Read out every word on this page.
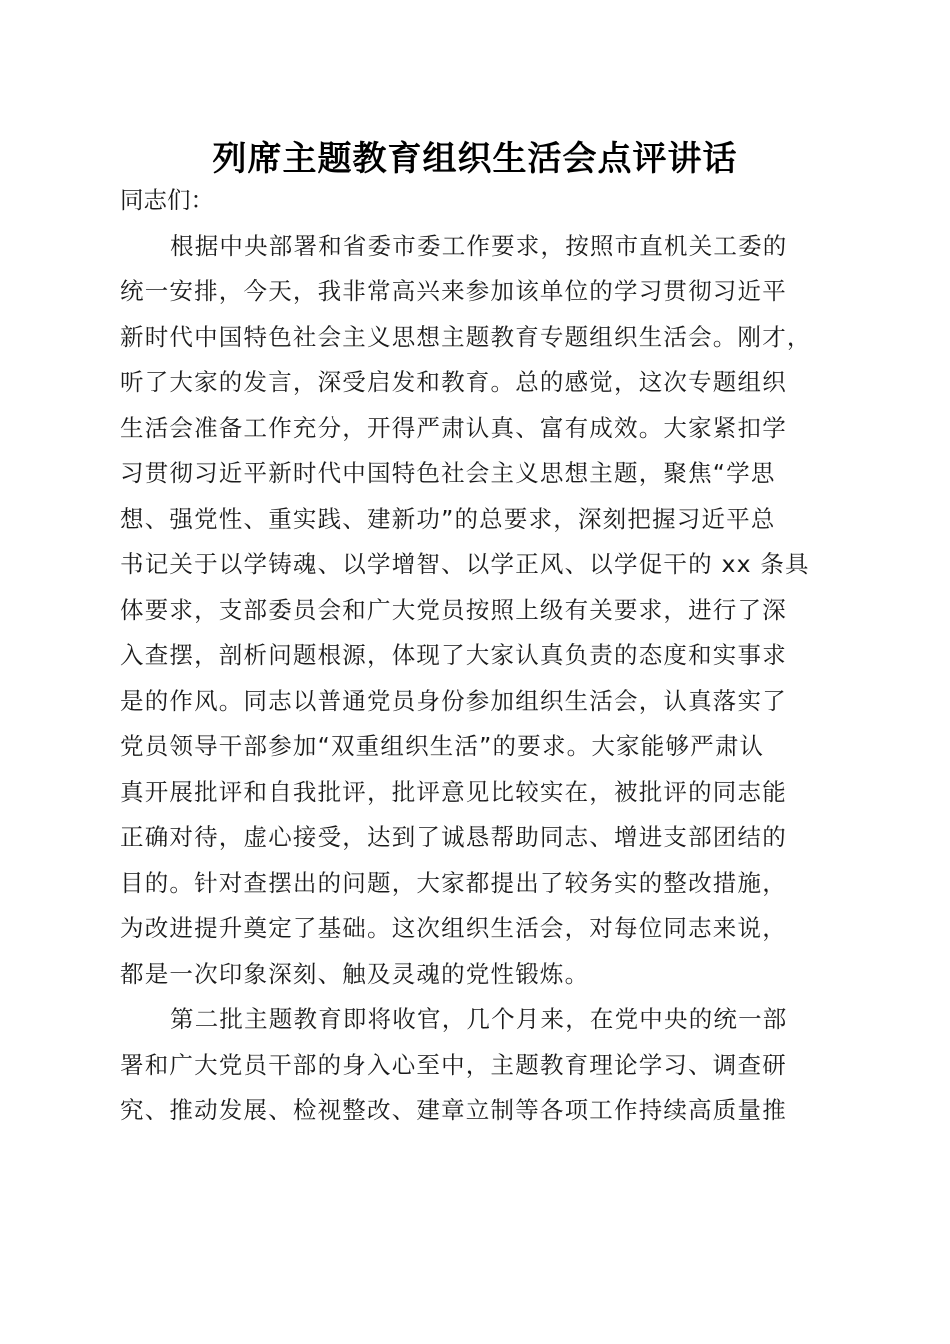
列席主题教育组织生活会点评讲话
同志们：
根据中央部署和省委市委工作要求，按照市直机关工委的
统一安排，今天，我非常高兴来参加该单位的学习贯彻习近平
新时代中国特色社会主义思想主题教育专题组织生活会。刚才，
听了大家的发言，深受启发和教育。总的感觉，这次专题组织
生活会准备工作充分，开得严肃认真、富有成效。大家紧扣学
习贯彻习近平新时代中国特色社会主义思想主题，聚焦“学思
想、强党性、重实践、建新功”的总要求，深刻把握习近平总
书记关于以学铸魂、以学增智、以学正风、以学促干的 xx 条具
体要求，支部委员会和广大党员按照上级有关要求，进行了深
入查摆，剖析问题根源，体现了大家认真负责的态度和实事求
是的作风。同志以普通党员身份参加组织生活会，认真落实了
党员领导干部参加“双重组织生活”的要求。大家能够严肃认
真开展批评和自我批评，批评意见比较实在，被批评的同志能
正确对待，虚心接受，达到了诚恳帮助同志、增进支部团结的
目的。针对查摆出的问题，大家都提出了较务实的整改措施，
为改进提升奠定了基础。这次组织生活会，对每位同志来说，
都是一次印象深刻、触及灵魂的党性锻炼。
第二批主题教育即将收官，几个月来，在党中央的统一部
署和广大党员干部的身入心至中，主题教育理论学习、调查研
究、推动发展、检视整改、建章立制等各项工作持续高质量推
